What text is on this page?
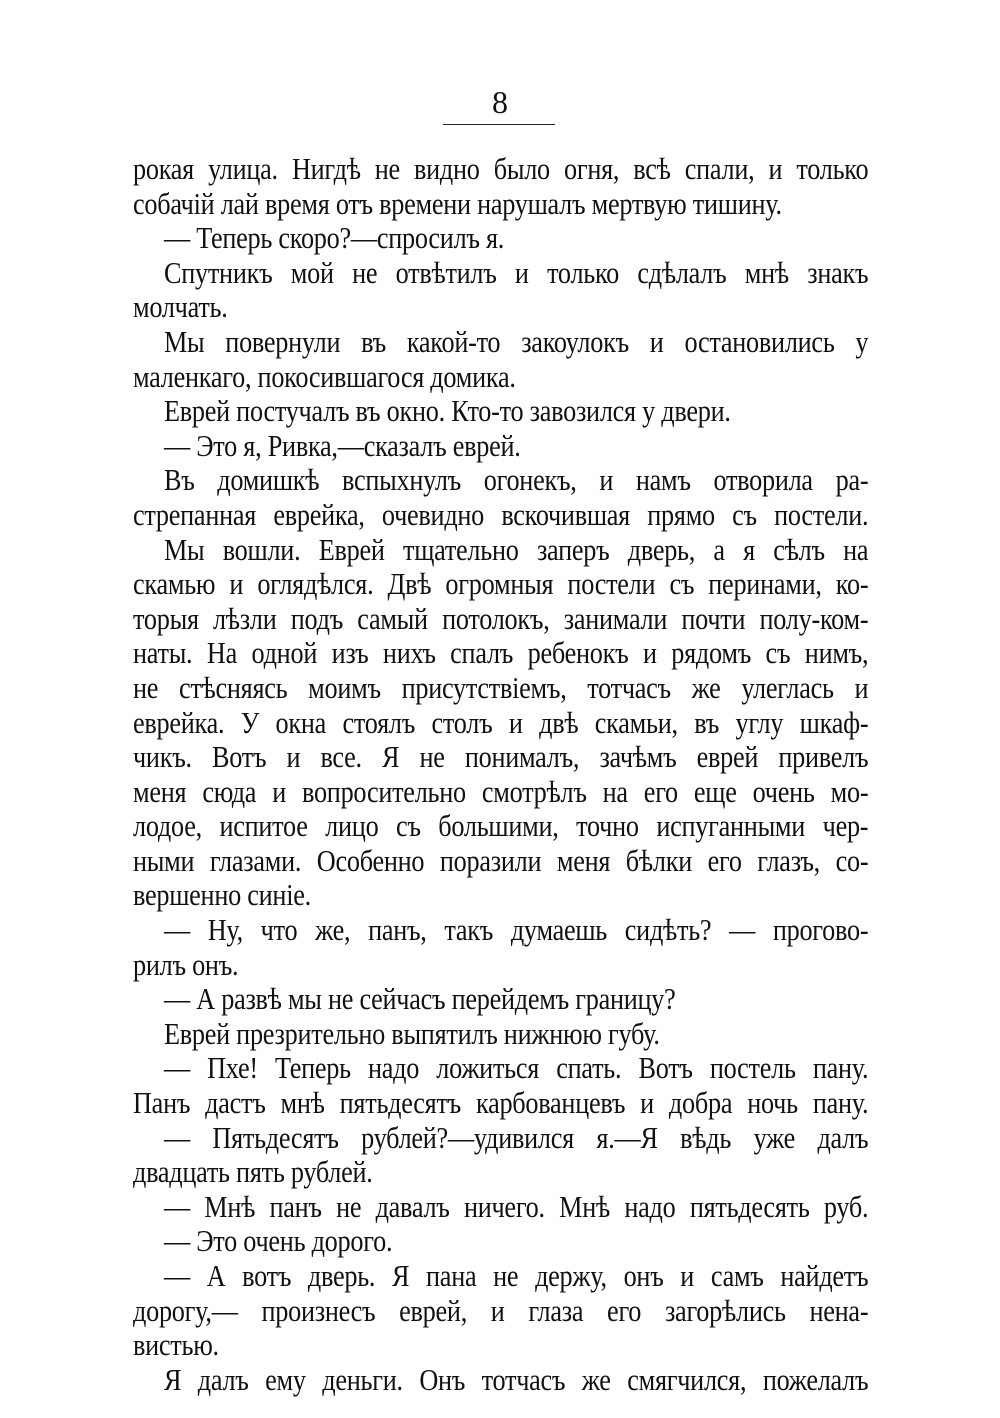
8
рокая улица. Нигдѣ не видно было огня, всѣ спали, и только
собачій лай время отъ времени нарушалъ мертвую тишину.
— Теперь скоро?—спросилъ я.
Спутникъ мой не отвѣтилъ и только сдѣлалъ мнѣ знакъ
молчать.
Мы повернули въ какой-то закоулокъ и остановились у
маленкаго, покосившагося домика.
Еврей постучалъ въ окно. Кто-то завозился у двери.
— Это я, Ривка,—сказалъ еврей.
Въ домишкѣ вспыхнулъ огонекъ, и намъ отворила ра-
стрепанная еврейка, очевидно вскочившая прямо съ постели.
Мы вошли. Еврей тщательно заперъ дверь, а я сѣлъ на
скамью и оглядѣлся. Двѣ огромныя постели съ перинами, ко-
торыя лѣзли подъ самый потолокъ, занимали почти полу-ком-
наты. На одной изъ нихъ спалъ ребенокъ и рядомъ съ нимъ,
не стѣсняясь моимъ присутствіемъ, тотчасъ же улеглась и
еврейка. У окна стоялъ столъ и двѣ скамьи, въ углу шкаф-
чикъ. Вотъ и все. Я не понималъ, зачѣмъ еврей привелъ
меня сюда и вопросительно смотрѣлъ на его еще очень мо-
лодое, испитое лицо съ большими, точно испуганными чер-
ными глазами. Особенно поразили меня бѣлки его глазъ, со-
вершенно синіе.
— Ну, что же, панъ, такъ думаешь сидѣть? — прогово-
рилъ онъ.
— А развѣ мы не сейчасъ перейдемъ границу?
Еврей презрительно выпятилъ нижнюю губу.
— Пхе! Теперь надо ложиться спать. Вотъ постель пану.
Панъ дастъ мнѣ пятьдесятъ карбованцевъ и добра ночь пану.
— Пятьдесятъ рублей?—удивился я.—Я вѣдь уже далъ
двадцать пять рублей.
— Мнѣ панъ не давалъ ничего. Мнѣ надо пятьдесять руб.
— Это очень дорого.
— А вотъ дверь. Я пана не держу, онъ и самъ найдетъ
дорогу,— произнесъ еврей, и глаза его загорѣлись нена-
вистью.
Я далъ ему деньги. Онъ тотчасъ же смягчился, пожелалъ
